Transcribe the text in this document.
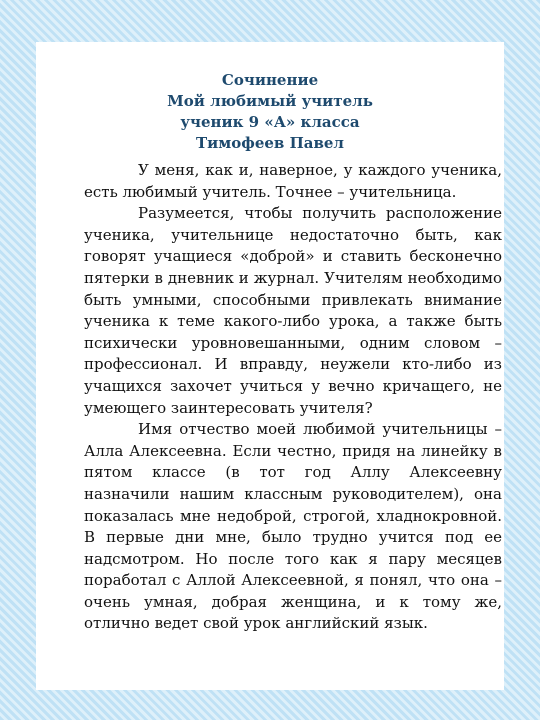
Сочинение
Мой любимый учитель
ученик 9 «А» класса
Тимофеев Павел

У меня, как и, наверное, у каждого ученика, есть любимый учитель. Точнее – учительница.

Разумеется, чтобы получить расположение ученика, учительнице недостаточно быть, как говорят учащиеся «доброй» и ставить бесконечно пятерки в дневник и журнал. Учителям необходимо быть умными, способными привлекать внимание ученика к теме какого-либо урока, а также быть психически уровновешанными, одним словом – профессионал. И вправду, неужели кто-либо из учащихся захочет учиться у вечно кричащего, не умеющего заинтересовать учителя?

Имя отчество моей любимой учительницы – Алла Алексеевна. Если честно, придя на линейку в пятом классе (в тот год Аллу Алексеевну назначили нашим классным руководителем), она показалась мне недоброй, строгой, хладнокровной. В первые дни мне, было трудно учится под ее надсмотром. Но после того как я пару месяцев поработал с Аллой Алексеевной, я понял, что она – очень умная, добрая женщина, и к тому же, отлично ведет свой урок английский язык.
